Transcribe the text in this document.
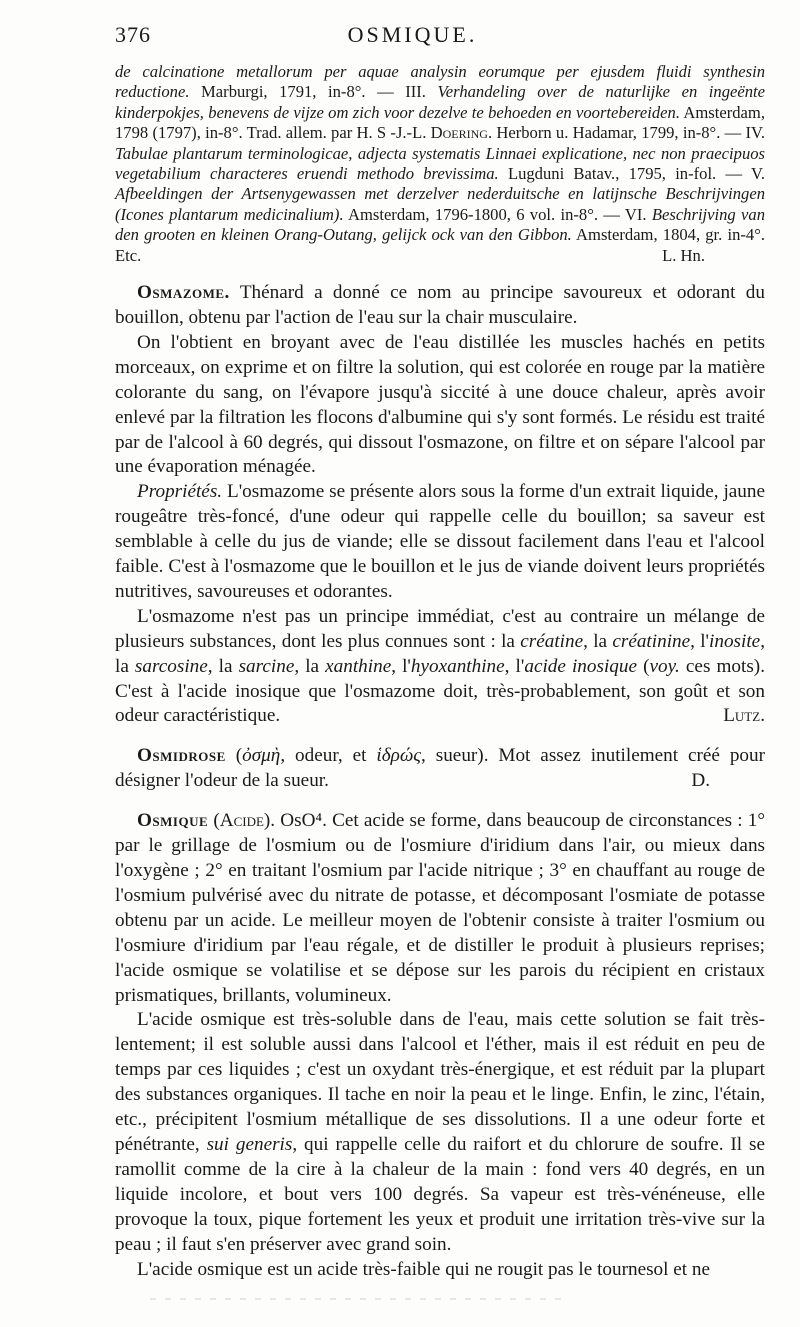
376	OSMIQUE.

de calcinatione metallorum per aquae analysin eorumque per ejusdem fluidi synthesin reductione. Marburgi, 1791, in-8°. — III. Verhandeling over de naturlijke en ingeënte kinderpokjes, benevens de vijze om zich voor dezelve te behoeden en voortebereiden. Amsterdam, 1798 (1797), in-8°. Trad. allem. par H. S -J.-L. Doering. Herborn u. Hadamar, 1799, in-8°. — IV. Tabulae plantarum terminologicae, adjecta systematis Linnaei explicatione, nec non praecipuos vegetabilium characteres eruendi methodo brevissima. Lugduni Batav., 1795, in-fol. — V. Afbeeldingen der Artsenygewassen met derzelver nederduitsche en latijnsche Beschrijvingen (Icones plantarum medicinalium). Amsterdam, 1796-1800, 6 vol. in-8°. — VI. Beschrijving van den grooten en kleinen Orang-Outang, gelijck ock van den Gibbon. Amsterdam, 1804, gr. in-4°. Etc.	L. Hn.

Osmazome. Thénard a donné ce nom au principe savoureux et odorant du bouillon, obtenu par l'action de l'eau sur la chair musculaire.

On l'obtient en broyant avec de l'eau distillée les muscles hachés en petits morceaux, on exprime et on filtre la solution, qui est colorée en rouge par la matière colorante du sang, on l'évapore jusqu'à siccité à une douce chaleur, après avoir enlevé par la filtration les flocons d'albumine qui s'y sont formés. Le résidu est traité par de l'alcool à 60 degrés, qui dissout l'osmazone, on filtre et on sépare l'alcool par une évaporation ménagée.

Propriétés. L'osmazome se présente alors sous la forme d'un extrait liquide, jaune rougeâtre très-foncé, d'une odeur qui rappelle celle du bouillon; sa saveur est semblable à celle du jus de viande; elle se dissout facilement dans l'eau et l'alcool faible. C'est à l'osmazome que le bouillon et le jus de viande doivent leurs propriétés nutritives, savoureuses et odorantes.

L'osmazome n'est pas un principe immédiat, c'est au contraire un mélange de plusieurs substances, dont les plus connues sont : la créatine, la créatinine, l'inosite, la sarcosine, la sarcine, la xanthine, l'hyoxanthine, l'acide inosique (voy. ces mots). C'est à l'acide inosique que l'osmazome doit, très-probablement, son goût et son odeur caractéristique.	Lutz.

Osmidrose (ὀσμὴ, odeur, et ἱδρώς, sueur). Mot assez inutilement créé pour désigner l'odeur de la sueur.	D.

Osmique (Acide). OsO⁴. Cet acide se forme, dans beaucoup de circonstances : 1° par le grillage de l'osmium ou de l'osmiure d'iridium dans l'air, ou mieux dans l'oxygène ; 2° en traitant l'osmium par l'acide nitrique ; 3° en chauffant au rouge de l'osmium pulvérisé avec du nitrate de potasse, et décomposant l'osmiate de potasse obtenu par un acide. Le meilleur moyen de l'obtenir consiste à traiter l'osmium ou l'osmiure d'iridium par l'eau régale, et de distiller le produit à plusieurs reprises; l'acide osmique se volatilise et se dépose sur les parois du récipient en cristaux prismatiques, brillants, volumineux.

L'acide osmique est très-soluble dans de l'eau, mais cette solution se fait très-lentement; il est soluble aussi dans l'alcool et l'éther, mais il est réduit en peu de temps par ces liquides ; c'est un oxydant très-énergique, et est réduit par la plupart des substances organiques. Il tache en noir la peau et le linge. Enfin, le zinc, l'étain, etc., précipitent l'osmium métallique de ses dissolutions. Il a une odeur forte et pénétrante, sui generis, qui rappelle celle du raifort et du chlorure de soufre. Il se ramollit comme de la cire à la chaleur de la main : fond vers 40 degrés, en un liquide incolore, et bout vers 100 degrés. Sa vapeur est très-vénéneuse, elle provoque la toux, pique fortement les yeux et produit une irritation très-vive sur la peau ; il faut s'en préserver avec grand soin.

L'acide osmique est un acide très-faible qui ne rougit pas le tournesol et ne
